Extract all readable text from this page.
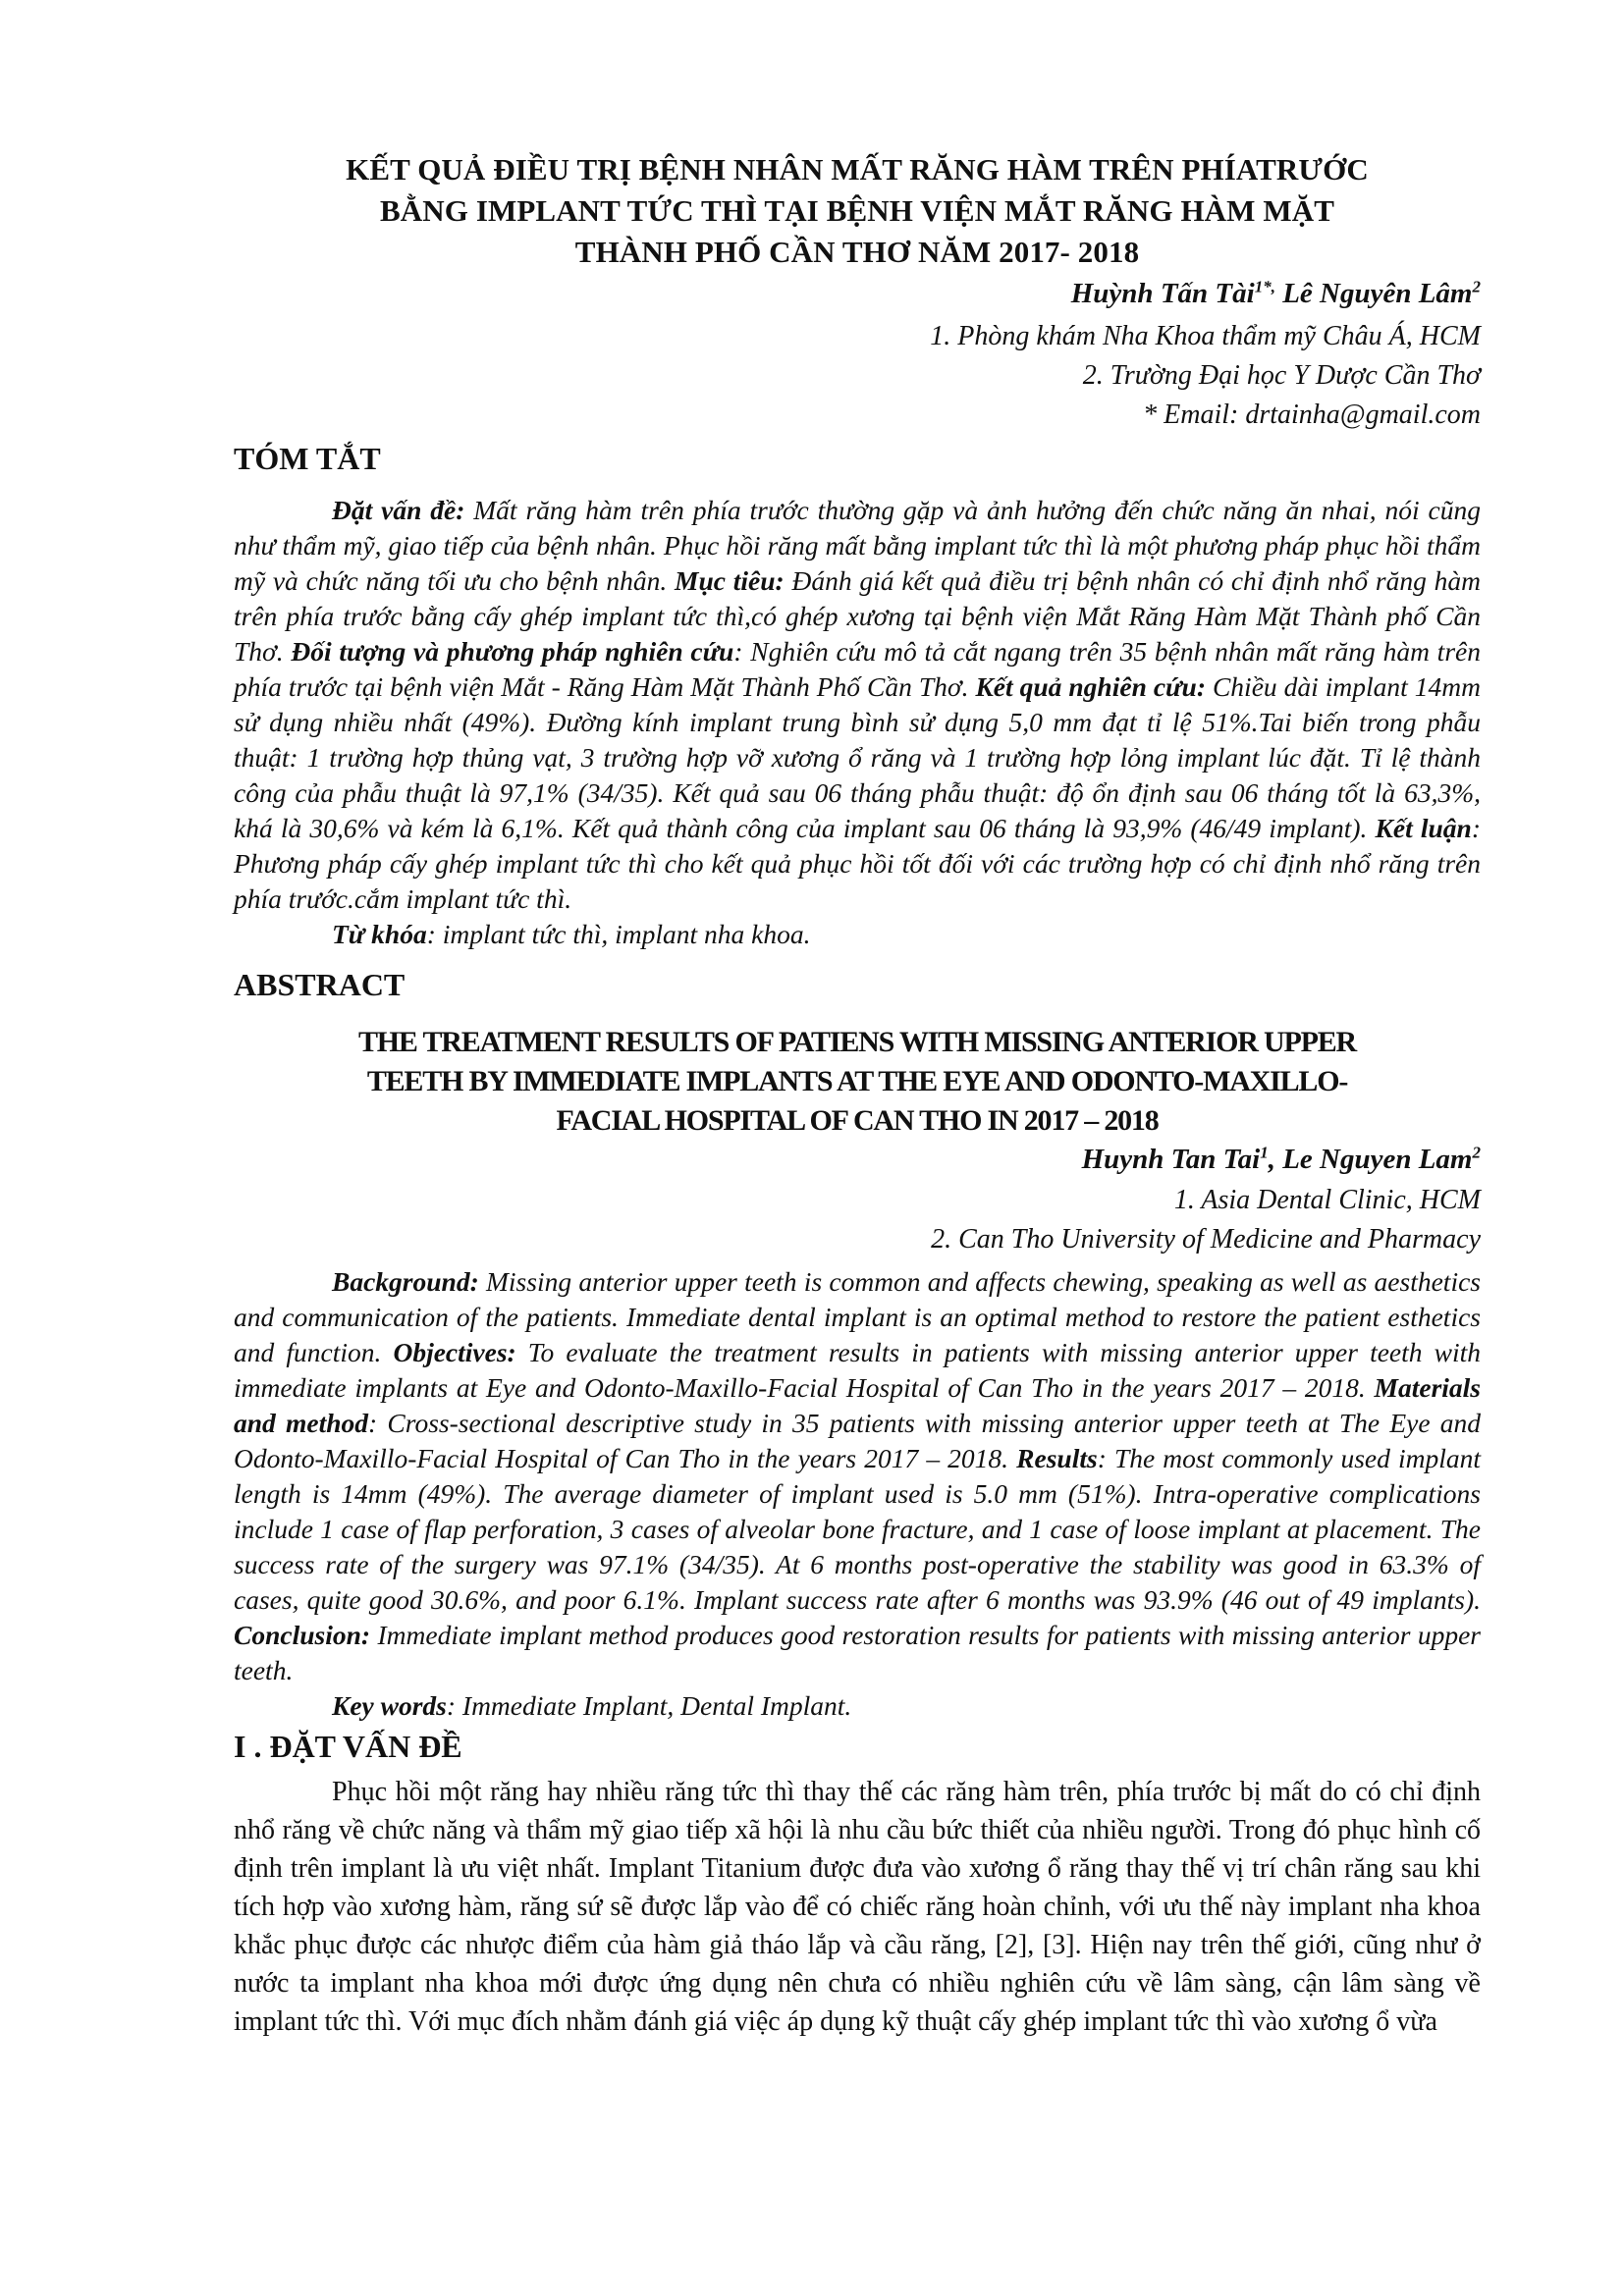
KẾT QUẢ ĐIỀU TRỊ BỆNH NHÂN MẤT RĂNG HÀM TRÊN PHÍATRƯỚC

BẰNG IMPLANT TỨC THÌ TẠI BỆNH VIỆN MẮT RĂNG HÀM MẶT

THÀNH PHỐ CẦN THƠ NĂM 2017- 2018

Huỳnh Tấn Tài$^{1*,}$ Lê Nguyên Lâm$^2$
1. Phòng khám Nha Khoa thẩm mỹ Châu Á, HCM
2. Trường Đại học Y Dược Cần Thơ
* Email: drtainha@gmail.com

TÓM TẮT

Đặt vấn đề: Mất răng hàm trên phía trước thường gặp và ảnh hưởng đến chức năng ăn nhai, nói cũng như thẩm mỹ, giao tiếp của bệnh nhân. Phục hồi răng mất bằng implant tức thì là một phương pháp phục hồi thẩm mỹ và chức năng tối ưu cho bệnh nhân. Mục tiêu: Đánh giá kết quả điều trị bệnh nhân có chỉ định nhổ răng hàm trên phía trước bằng cấy ghép implant tức thì,có ghép xương tại bệnh viện Mắt Răng Hàm Mặt Thành phố Cần Thơ. Đối tượng và phương pháp nghiên cứu: Nghiên cứu mô tả cắt ngang trên 35 bệnh nhân mất răng hàm trên phía trước tại bệnh viện Mắt - Răng Hàm Mặt Thành Phố Cần Thơ. Kết quả nghiên cứu: Chiều dài implant 14mm sử dụng nhiều nhất (49%). Đường kính implant trung bình sử dụng 5,0 mm đạt tỉ lệ 51%.Tai biến trong phẫu thuật: 1 trường hợp thủng vạt, 3 trường hợp vỡ xương ổ răng và 1 trường hợp lỏng implant lúc đặt. Tỉ lệ thành công của phẫu thuật là 97,1% (34/35). Kết quả sau 06 tháng phẫu thuật: độ ổn định sau 06 tháng tốt là 63,3%, khá là 30,6% và kém là 6,1%. Kết quả thành công của implant sau 06 tháng là 93,9% (46/49 implant). Kết luận: Phương pháp cấy ghép implant tức thì cho kết quả phục hồi tốt đối với các trường hợp có chỉ định nhổ răng trên phía trước.cắm implant tức thì.

Từ khóa: implant tức thì, implant nha khoa.

ABSTRACT

THE TREATMENT RESULTS OF PATIENS WITH MISSING ANTERIOR UPPER

TEETH BY IMMEDIATE IMPLANTS AT THE EYE AND ODONTO-MAXILLO-

FACIAL HOSPITAL OF CAN THO IN 2017 – 2018

Huynh Tan Tai$^1$, Le Nguyen Lam$^2$
1. Asia Dental Clinic, HCM
2. Can Tho University of Medicine and Pharmacy

Background: Missing anterior upper teeth is common and affects chewing, speaking as well as aesthetics and communication of the patients. Immediate dental implant is an optimal method to restore the patient esthetics and function. Objectives: To evaluate the treatment results in patients with missing anterior upper teeth with immediate implants at Eye and Odonto-Maxillo-Facial Hospital of Can Tho in the years 2017 – 2018. Materials and method: Cross-sectional descriptive study in 35 patients with missing anterior upper teeth at The Eye and Odonto-Maxillo-Facial Hospital of Can Tho in the years 2017 – 2018. Results: The most commonly used implant length is 14mm (49%). The average diameter of implant used is 5.0 mm (51%). Intra-operative complications include 1 case of flap perforation, 3 cases of alveolar bone fracture, and 1 case of loose implant at placement. The success rate of the surgery was 97.1% (34/35). At 6 months post-operative the stability was good in 63.3% of cases, quite good 30.6%, and poor 6.1%. Implant success rate after 6 months was 93.9% (46 out of 49 implants). Conclusion: Immediate implant method produces good restoration results for patients with missing anterior upper teeth.

Key words: Immediate Implant, Dental Implant.

I . ĐẶT VẤN ĐỀ

Phục hồi một răng hay nhiều răng tức thì thay thế các răng hàm trên, phía trước bị mất do có chỉ định nhổ răng về chức năng và thẩm mỹ giao tiếp xã hội là nhu cầu bức thiết của nhiều người. Trong đó phục hình cố định trên implant là ưu việt nhất. Implant Titanium được đưa vào xương ổ răng thay thế vị trí chân răng sau khi tích hợp vào xương hàm, răng sứ sẽ được lắp vào để có chiếc răng hoàn chỉnh, với ưu thế này implant nha khoa khắc phục được các nhược điểm của hàm giả tháo lắp và cầu răng, [2], [3]. Hiện nay trên thế giới, cũng như ở nước ta implant nha khoa mới được ứng dụng nên chưa có nhiều nghiên cứu về lâm sàng, cận lâm sàng về implant tức thì. Với mục đích nhằm đánh giá việc áp dụng kỹ thuật cấy ghép implant tức thì vào xương ổ vừa
